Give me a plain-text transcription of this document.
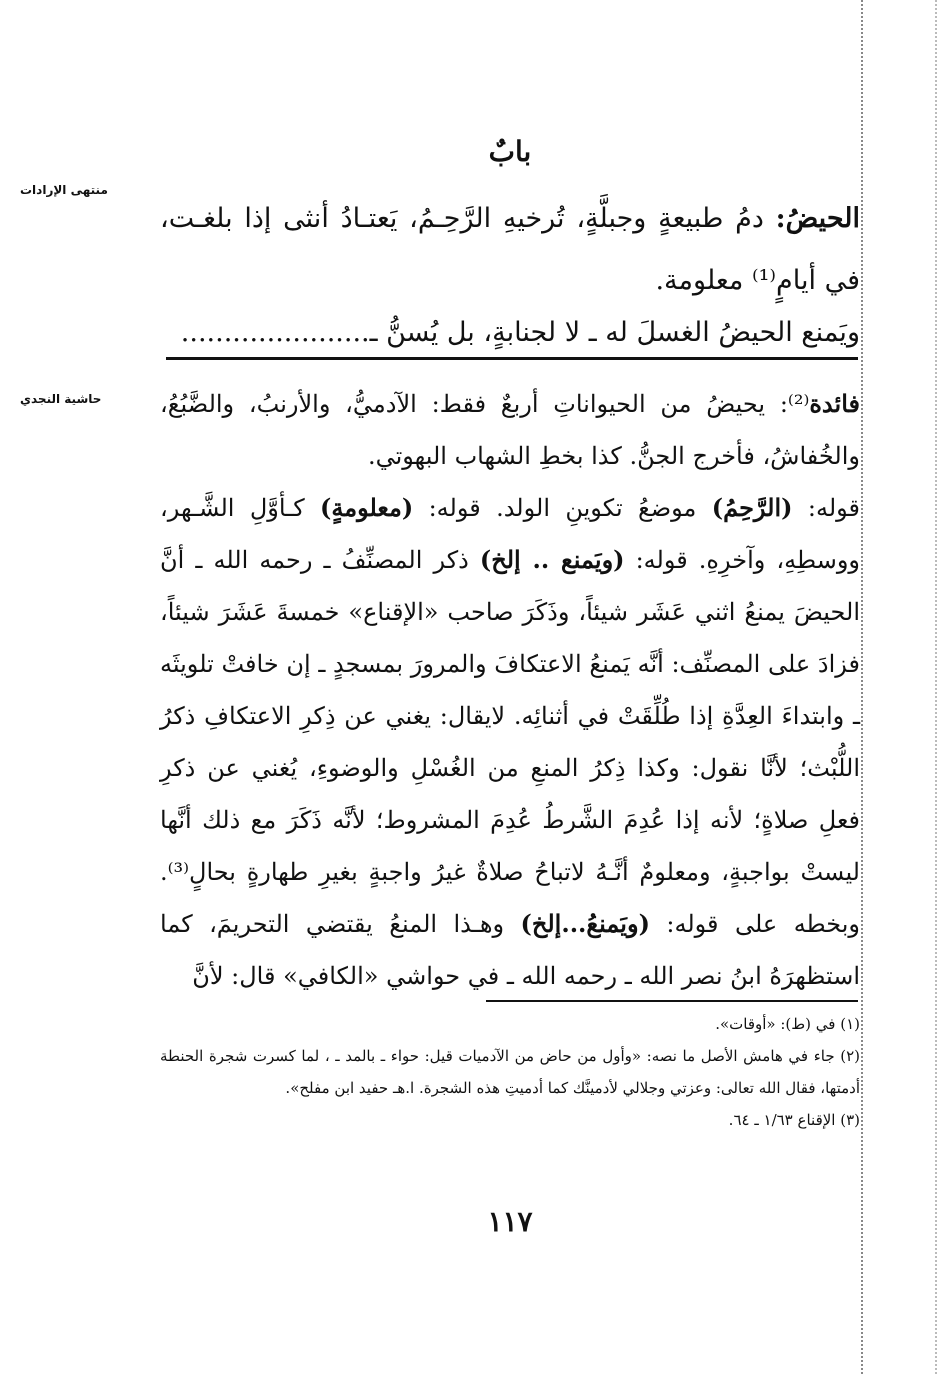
منتهى الإرادات
حاشية النجدي
بابٌ
الحيضُ: دمُ طبيعةٍ وجبلَّةٍ، تُرخيهِ الرَّحِـمُ، يَعتـادُ أنثى إذا بلغـت، في أيامٍ⁽¹⁾ معلومة.
ويَمنع الحيضُ الغسلَ له ـ لا لجنابةٍ، بل يُسنُّ ـ......................
فائدة⁽²⁾: يحيضُ من الحيواناتِ أربعٌ فقط: الآدميُّ، والأرنبُ، والضَّبُعُ، والخُفاشُ، فأخرج الجنُّ. كذا بخطِ الشهاب البهوتي.
قوله: (الرَّحِمُ) موضعُ تكوينِ الولد. قوله: (معلومةٍ) كـأوَّلِ الشَّـهر، ووسطِهِ، وآخرِهِ. قوله: (ويَمنع .. إلخ) ذكر المصنِّفُ ـ رحمه الله ـ أنَّ الحيضَ يمنعُ اثني عَشَر شيئاً، وذَكَرَ صاحب «الإقناع» خمسةَ عَشَرَ شيئاً، فزادَ على المصنِّف: أنَّه يَمنعُ الاعتكافَ والمرورَ بمسجدٍ ـ إن خافتْ تلويثَه ـ وابتداءَ العِدَّةِ إذا طُلِّقَتْ في أثنائِه. لايقال: يغني عن ذِكرِ الاعتكافِ ذكرُ اللُّبْث؛ لأنَّا نقول: وكذا ذِكرُ المنعِ من الغُسْلِ والوضوءِ، يُغني عن ذكرِ فعلِ صلاةٍ؛ لأنه إذا عُدِمَ الشَّرطُ عُدِمَ المشروط؛ لأنَّه ذَكَرَ مع ذلك أنَّها ليستْ بواجبةٍ، ومعلومٌ أنَّـهُ لاتباحُ صلاةٌ غيرُ واجبةٍ بغيرِ طهارةٍ بحالٍ⁽³⁾. وبخطه على قوله: (ويَمنعُ...إلخ) وهـذا المنعُ يقتضي التحريمَ، كما استظهرَهُ ابنُ نصر الله ـ رحمه الله ـ في حواشي «الكافي» قال: لأنَّ

(١) في (ط): «أوقات».

(٢) جاء في هامش الأصل ما نصه: «وأول من حاض من الآدميات قيل: حواء ـ بالمد ـ ، لما كسرت شجرة الحنطة أدمتها، فقال الله تعالى: وعزتي وجلالي لأدمينَّك كما أدميتِ هذه الشجرة. ا.هـ حفيد ابن مفلح».

(٣) الإقناع ١/٦٣ ـ ٦٤.

١١٧
